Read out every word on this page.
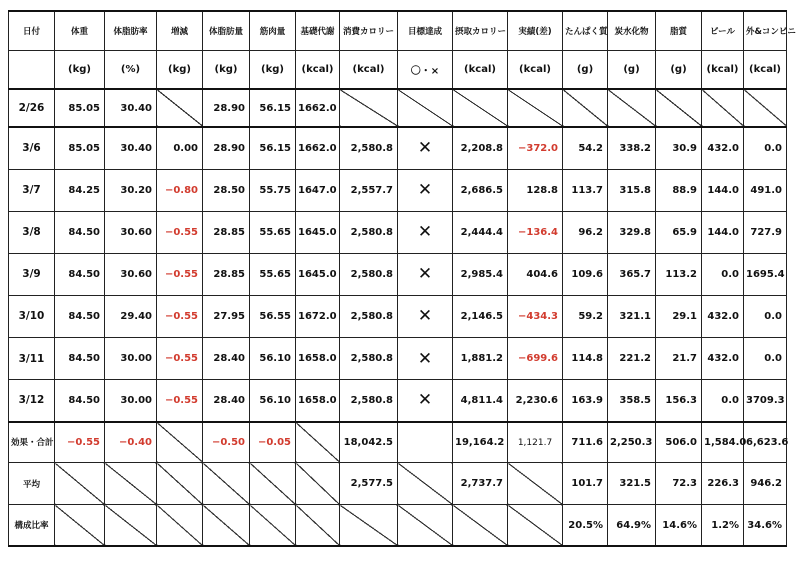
日付	体重	体脂肪率	増減	体脂肪量	筋肉量	基礎代謝	消費カロリー	目標達成	摂取カロリー	実績(差)	たんぱく質	炭水化物	脂質	ビール	外&コンビニ
	(kg)	(%)	(kg)	(kg)	(kg)	(kcal)	(kcal)	〇・×	(kcal)	(kcal)	(g)	(g)	(g)	(kcal)	(kcal)
2/26	85.05	30.40		28.90	56.15	1662.0									
3/6	85.05	30.40	0.00	28.90	56.15	1662.0	2,580.8	✕	2,208.8	−372.0	54.2	338.2	30.9	432.0	0.0
3/7	84.25	30.20	−0.80	28.50	55.75	1647.0	2,557.7	✕	2,686.5	128.8	113.7	315.8	88.9	144.0	491.0
3/8	84.50	30.60	−0.55	28.85	55.65	1645.0	2,580.8	✕	2,444.4	−136.4	96.2	329.8	65.9	144.0	727.9
3/9	84.50	30.60	−0.55	28.85	55.65	1645.0	2,580.8	✕	2,985.4	404.6	109.6	365.7	113.2	0.0	1695.4
3/10	84.50	29.40	−0.55	27.95	56.55	1672.0	2,580.8	✕	2,146.5	−434.3	59.2	321.1	29.1	432.0	0.0
3/11	84.50	30.00	−0.55	28.40	56.10	1658.0	2,580.8	✕	1,881.2	−699.6	114.8	221.2	21.7	432.0	0.0
3/12	84.50	30.00	−0.55	28.40	56.10	1658.0	2,580.8	✕	4,811.4	2,230.6	163.9	358.5	156.3	0.0	3709.3
効果・合計	−0.55	−0.40		−0.50	−0.05		18,042.5		19,164.2	1,121.7	711.6	2,250.3	506.0	1,584.0	6,623.6
平均							2,577.5		2,737.7		101.7	321.5	72.3	226.3	946.2
構成比率											20.5%	64.9%	14.6%	1.2%	34.6%
